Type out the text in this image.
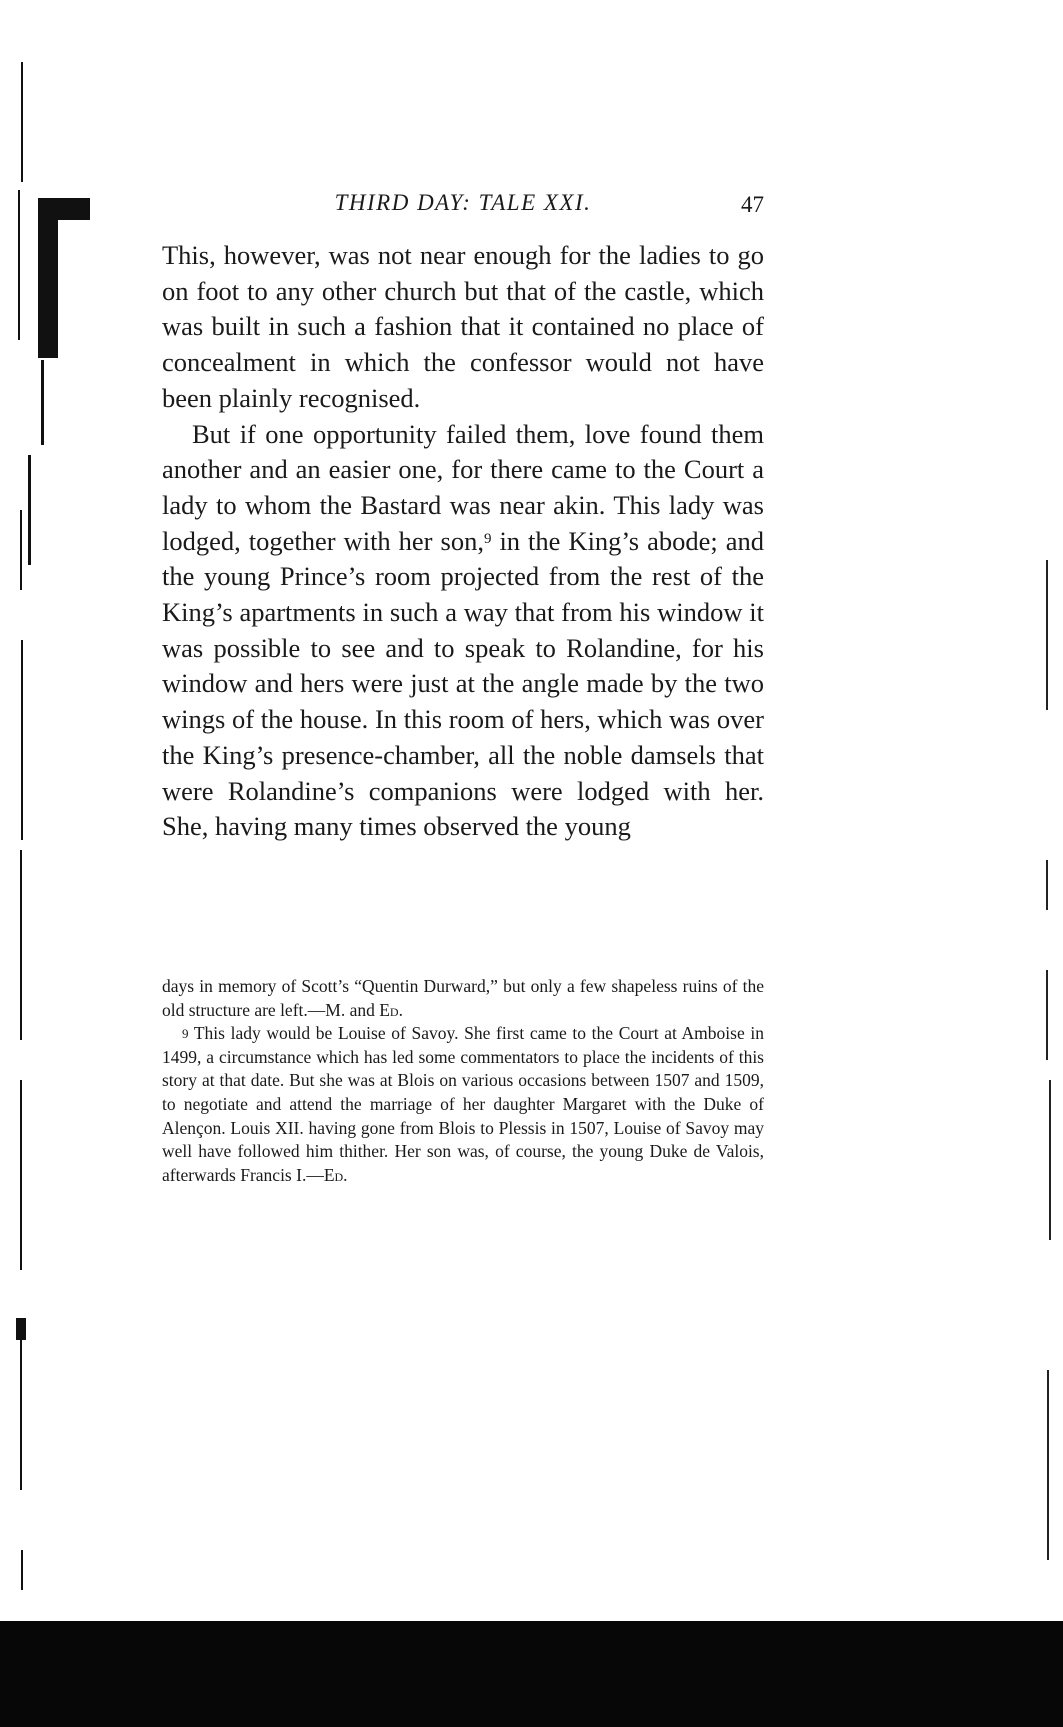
THIRD DAY: TALE XXI.	47

This, however, was not near enough for the ladies to go on foot to any other church but that of the castle, which was built in such a fashion that it contained no place of concealment in which the confessor would not have been plainly recognised.

But if one opportunity failed them, love found them another and an easier one, for there came to the Court a lady to whom the Bastard was near akin. This lady was lodged, together with her son,$^9$ in the King’s abode; and the young Prince’s room projected from the rest of the King’s apartments in such a way that from his window it was possible to see and to speak to Rolandine, for his window and hers were just at the angle made by the two wings of the house. In this room of hers, which was over the King’s presence-chamber, all the noble damsels that were Rolandine’s companions were lodged with her. She, having many times observed the young

days in memory of Scott’s “Quentin Durward,” but only a few shapeless ruins of the old structure are left.—M. and Ed.

$^9$ This lady would be Louise of Savoy. She first came to the Court at Amboise in 1499, a circumstance which has led some commentators to place the incidents of this story at that date. But she was at Blois on various occasions between 1507 and 1509, to negotiate and attend the marriage of her daughter Margaret with the Duke of Alençon. Louis XII. having gone from Blois to Plessis in 1507, Louise of Savoy may well have followed him thither. Her son was, of course, the young Duke de Valois, afterwards Francis I.—Ed.
